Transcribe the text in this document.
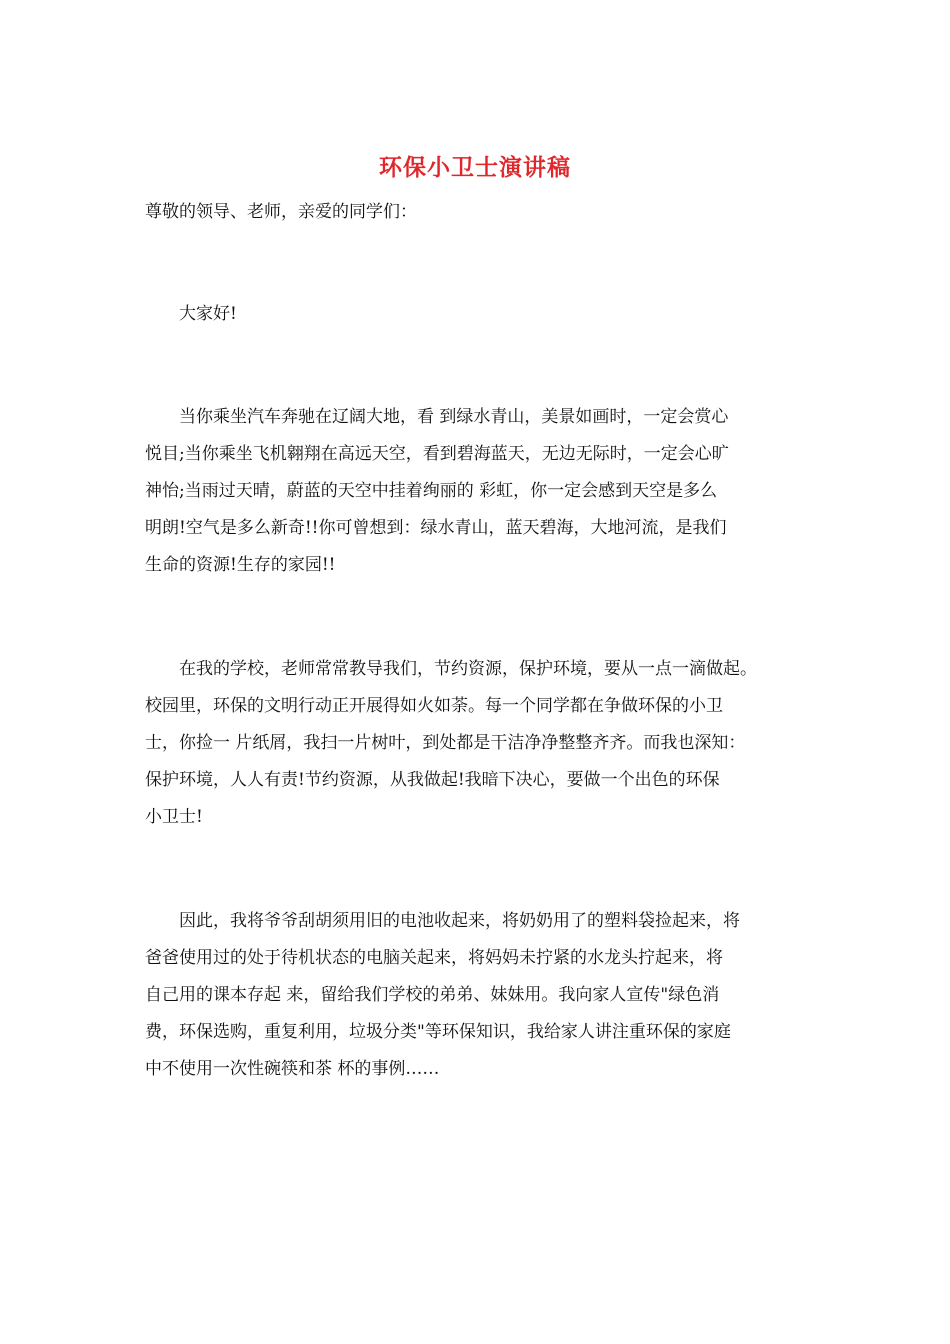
环保小卫士演讲稿
尊敬的领导、老师，亲爱的同学们：
　　大家好!
　　当你乘坐汽车奔驰在辽阔大地，看 到绿水青山，美景如画时，一定会赏心
悦目;当你乘坐飞机翱翔在高远天空，看到碧海蓝天，无边无际时，一定会心旷
神怡;当雨过天晴，蔚蓝的天空中挂着绚丽的 彩虹，你一定会感到天空是多么
明朗!空气是多么新奇!!你可曾想到：绿水青山，蓝天碧海，大地河流，是我们
生命的资源!生存的家园!!
　　在我的学校，老师常常教导我们，节约资源，保护环境，要从一点一滴做起。
校园里，环保的文明行动正开展得如火如荼。每一个同学都在争做环保的小卫
士，你捡一 片纸屑，我扫一片树叶，到处都是干洁净净整整齐齐。而我也深知：
保护环境，人人有责!节约资源，从我做起!我暗下决心，要做一个出色的环保
小卫士!
　　因此，我将爷爷刮胡须用旧的电池收起来，将奶奶用了的塑料袋捡起来，将
爸爸使用过的处于待机状态的电脑关起来，将妈妈未拧紧的水龙头拧起来，将
自己用的课本存起 来，留给我们学校的弟弟、妹妹用。我向家人宣传"绿色消
费，环保选购，重复利用，垃圾分类"等环保知识，我给家人讲注重环保的家庭
中不使用一次性碗筷和茶 杯的事例……
